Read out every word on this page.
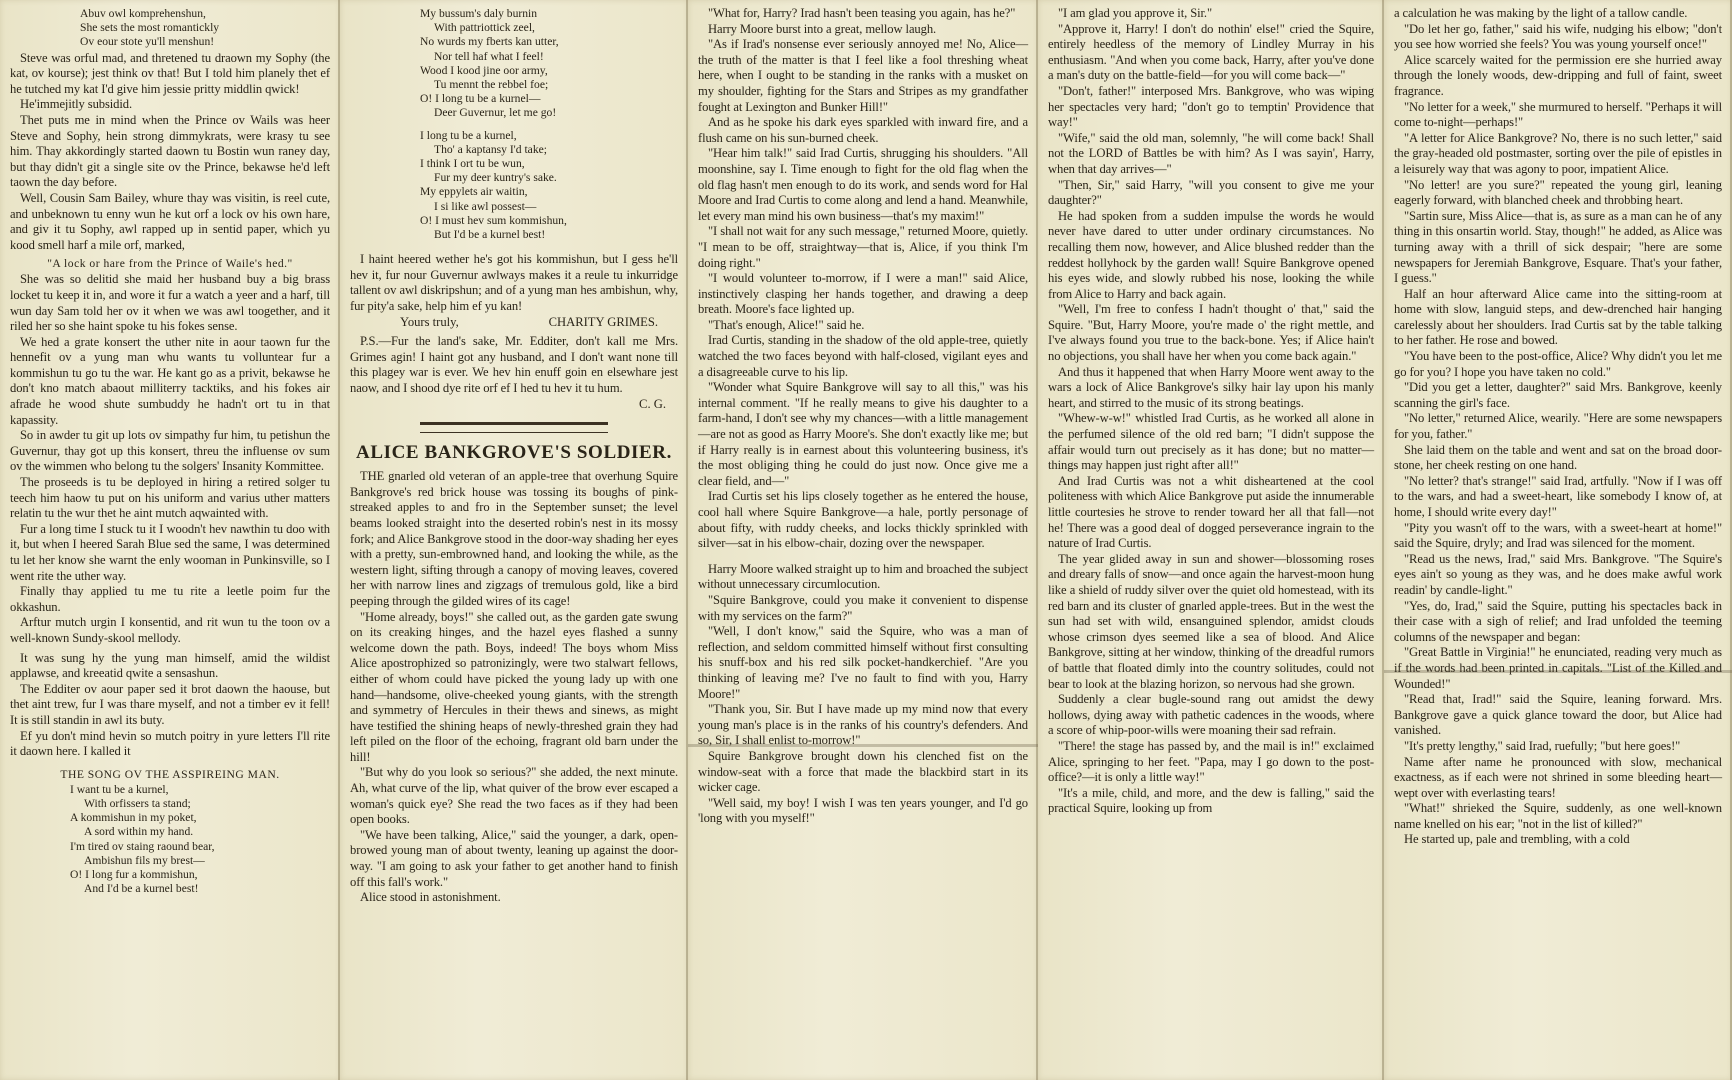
Abuv owl komprehenshun,
She sets the most romantickly
Ov eour stote yu'll menshun!

Steve was orful mad, and thretened tu draown my Sophy (the kat, ov kourse); jest think ov that! But I told him planely thet ef he tutched my kat I'd give him jessie pritty middlin qwick!

He'immejitly subsidid.

Thet puts me in mind when the Prince ov Wails was heer Steve and Sophy, hein strong dimmykrats, were krasy tu see him. Thay akkordingly started daown tu Bostin wun raney day, but thay didn't git a single site ov the Prince, bekawse he'd left taown the day before.

Well, Cousin Sam Bailey, whure thay was visitin, is reel cute, and unbeknown tu enny wun he kut orf a lock ov his own hare, and giv it tu Sophy, awl rapped up in sentid paper, which yu kood smell harf a mile orf, marked,

"A lock or hare from the Prince of Waile's hed."

She was so delitid she maid her husband buy a big brass locket tu keep it in, and wore it fur a watch a yeer and a harf, till wun day Sam told her ov it when we was awl toogether, and it riled her so she haint spoke tu his fokes sense.

We hed a grate konsert the uther nite in aour taown fur the hennefit ov a yung man whu wants tu volluntear fur a kommishun tu go tu the war. He kant go as a privit, bekawse he don't kno match abaout milliterry tacktiks, and his fokes air afrade he wood shute sumbuddy he hadn't ort tu in that kapassity.

So in awder tu git up lots ov simpathy fur him, tu petishun the Guvernur, thay got up this konsert, threu the influense ov sum ov the wimmen who belong tu the solgers' Insanity Kommittee.

The proseeds is tu be deployed in hiring a retired solger tu teech him haow tu put on his uniform and varius uther matters relatin tu the wur thet he aint mutch aqwainted with.

Fur a long time I stuck tu it I woodn't hev nawthin tu doo with it, but when I heered Sarah Blue sed the same, I was determined tu let her know she warnt the enly wooman in Punkinsville, so I went rite the uther way.

Finally thay applied tu me tu rite a leetle poim fur the okkashun.

Arftur mutch urgin I konsentid, and rit wun tu the toon ov a well-known Sundy-skool mellody.

It was sung hy the yung man himself, amid the wildist applawse, and kreeatid qwite a sensashun.

The Edditer ov aour paper sed it brot daown the haouse, but thet aint trew, fur I was thare myself, and not a timber ev it fell! It is still standin in awl its buty.

Ef yu don't mind hevin so mutch poitry in yure letters I'll rite it daown here. I kalled it

THE SONG OV THE ASSPIREING MAN.
I want tu be a kurnel,
With orfissers ta stand;
A kommishun in my poket,
A sord within my hand.
I'm tired ov staing raound bear,
Ambishun fils my brest—
O! I long fur a kommishun,
And I'd be a kurnel best!
My bussum's daly burnin
With pattriottick zeel,
No wurds my fberts kan utter,
Nor tell haf what I feel!
Wood I kood jine oor army,
Tu mennt the rebbel foe;
O! I long tu be a kurnel—
Deer Guvernur, let me go!
I long tu be a kurnel,
Tho' a kaptansy I'd take;
I think I ort tu be wun,
Fur my deer kuntry's sake.
My eppylets air waitin,
I si like awl possest—
O! I must hev sum kommishun,
But I'd be a kurnel best!

I haint heered wether he's got his kommishun, but I gess he'll hev it, fur nour Guvernur awlways makes it a reule tu inkurridge tallent ov awl diskripshun; and of a yung man hes ambishun, why, fur pity'a sake, help him ef yu kan!

Yours truly,	CHARITY GRIMES.

P.S.—Fur the land's sake, Mr. Edditer, don't kall me Mrs. Grimes agin! I haint got any husband, and I don't want none till this plagey war is ever. We hev hin enuff goin en elsewhare jest naow, and I shood dye rite orf ef I hed tu hev it tu hum.

C. G.
ALICE BANKGROVE'S SOLDIER.

THE gnarled old veteran of an apple-tree that overhung Squire Bankgrove's red brick house was tossing its boughs of pink-streaked apples to and fro in the September sunset; the level beams looked straight into the deserted robin's nest in its mossy fork; and Alice Bankgrove stood in the door-way shading her eyes with a pretty, sun-embrowned hand, and looking the while, as the western light, sifting through a canopy of moving leaves, covered her with narrow lines and zigzags of tremulous gold, like a bird peeping through the gilded wires of its cage!

"Home already, boys!" she called out, as the garden gate swung on its creaking hinges, and the hazel eyes flashed a sunny welcome down the path. Boys, indeed! The boys whom Miss Alice apostrophized so patronizingly, were two stalwart fellows, either of whom could have picked the young lady up with one hand—handsome, olive-cheeked young giants, with the strength and symmetry of Hercules in their thews and sinews, as might have testified the shining heaps of newly-threshed grain they had left piled on the floor of the echoing, fragrant old barn under the hill!

"But why do you look so serious?" she added, the next minute. Ah, what curve of the lip, what quiver of the brow ever escaped a woman's quick eye? She read the two faces as if they had been open books.

"We have been talking, Alice," said the younger, a dark, open-browed young man of about twenty, leaning up against the door-way. "I am going to ask your father to get another hand to finish off this fall's work."

Alice stood in astonishment.

"What for, Harry? Irad hasn't been teasing you again, has he?"

Harry Moore burst into a great, mellow laugh.

"As if Irad's nonsense ever seriously annoyed me! No, Alice—the truth of the matter is that I feel like a fool threshing wheat here, when I ought to be standing in the ranks with a musket on my shoulder, fighting for the Stars and Stripes as my grandfather fought at Lexington and Bunker Hill!"

And as he spoke his dark eyes sparkled with inward fire, and a flush came on his sun-burned cheek.

"Hear him talk!" said Irad Curtis, shrugging his shoulders. "All moonshine, say I. Time enough to fight for the old flag when the old flag hasn't men enough to do its work, and sends word for Hal Moore and Irad Curtis to come along and lend a hand. Meanwhile, let every man mind his own business—that's my maxim!"

"I shall not wait for any such message," returned Moore, quietly. "I mean to be off, straightway—that is, Alice, if you think I'm doing right."

"I would volunteer to-morrow, if I were a man!" said Alice, instinctively clasping her hands together, and drawing a deep breath. Moore's face lighted up.

"That's enough, Alice!" said he.

Irad Curtis, standing in the shadow of the old apple-tree, quietly watched the two faces beyond with half-closed, vigilant eyes and a disagreeable curve to his lip.

"Wonder what Squire Bankgrove will say to all this," was his internal comment. "If he really means to give his daughter to a farm-hand, I don't see why my chances—with a little management—are not as good as Harry Moore's. She don't exactly like me; but if Harry really is in earnest about this volunteering business, it's the most obliging thing he could do just now. Once give me a clear field, and—"

Irad Curtis set his lips closely together as he entered the house, cool hall where Squire Bankgrove—a hale, portly personage of about fifty, with ruddy cheeks, and locks thickly sprinkled with silver—sat in his elbow-chair, dozing over the newspaper.

Harry Moore walked straight up to him and broached the subject without unnecessary circumlocution.

"Squire Bankgrove, could you make it convenient to dispense with my services on the farm?"

"Well, I don't know," said the Squire, who was a man of reflection, and seldom committed himself without first consulting his snuff-box and his red silk pocket-handkerchief. "Are you thinking of leaving me? I've no fault to find with you, Harry Moore!"

"Thank you, Sir. But I have made up my mind now that every young man's place is in the ranks of his country's defenders. And so, Sir, I shall enlist to-morrow!"

Squire Bankgrove brought down his clenched fist on the window-seat with a force that made the blackbird start in its wicker cage.

"Well said, my boy! I wish I was ten years younger, and I'd go 'long with you myself!"

"I am glad you approve it, Sir."

"Approve it, Harry! I don't do nothin' else!" cried the Squire, entirely heedless of the memory of Lindley Murray in his enthusiasm. "And when you come back, Harry, after you've done a man's duty on the battle-field—for you will come back—"

"Don't, father!" interposed Mrs. Bankgrove, who was wiping her spectacles very hard; "don't go to temptin' Providence that way!"

"Wife," said the old man, solemnly, "he will come back! Shall not the LORD of Battles be with him? As I was sayin', Harry, when that day arrives—"

"Then, Sir," said Harry, "will you consent to give me your daughter?"

He had spoken from a sudden impulse the words he would never have dared to utter under ordinary circumstances. No recalling them now, however, and Alice blushed redder than the reddest hollyhock by the garden wall! Squire Bankgrove opened his eyes wide, and slowly rubbed his nose, looking the while from Alice to Harry and back again.

"Well, I'm free to confess I hadn't thought o' that," said the Squire. "But, Harry Moore, you're made o' the right mettle, and I've always found you true to the back-bone. Yes; if Alice hain't no objections, you shall have her when you come back again."

And thus it happened that when Harry Moore went away to the wars a lock of Alice Bankgrove's silky hair lay upon his manly heart, and stirred to the music of its strong beatings.

"Whew-w-w!" whistled Irad Curtis, as he worked all alone in the perfumed silence of the old red barn; "I didn't suppose the affair would turn out precisely as it has done; but no matter—things may happen just right after all!"

And Irad Curtis was not a whit disheartened at the cool politeness with which Alice Bankgrove put aside the innumerable little courtesies he strove to render toward her all that fall—not he! There was a good deal of dogged perseverance ingrain to the nature of Irad Curtis.

The year glided away in sun and shower—blossoming roses and dreary falls of snow—and once again the harvest-moon hung like a shield of ruddy silver over the quiet old homestead, with its red barn and its cluster of gnarled apple-trees. But in the west the sun had set with wild, ensanguined splendor, amidst clouds whose crimson dyes seemed like a sea of blood. And Alice Bankgrove, sitting at her window, thinking of the dreadful rumors of battle that floated dimly into the country solitudes, could not bear to look at the blazing horizon, so nervous had she grown.

Suddenly a clear bugle-sound rang out amidst the dewy hollows, dying away with pathetic cadences in the woods, where a score of whip-poor-wills were moaning their sad refrain.

"There! the stage has passed by, and the mail is in!" exclaimed Alice, springing to her feet. "Papa, may I go down to the post-office?—it is only a little way!"

"It's a mile, child, and more, and the dew is falling," said the practical Squire, looking up from

a calculation he was making by the light of a tallow candle.

"Do let her go, father," said his wife, nudging his elbow; "don't you see how worried she feels? You was young yourself once!"

Alice scarcely waited for the permission ere she hurried away through the lonely woods, dew-dripping and full of faint, sweet fragrance.

"No letter for a week," she murmured to herself. "Perhaps it will come to-night—perhaps!"

"A letter for Alice Bankgrove? No, there is no such letter," said the gray-headed old postmaster, sorting over the pile of epistles in a leisurely way that was agony to poor, impatient Alice.

"No letter! are you sure?" repeated the young girl, leaning eagerly forward, with blanched cheek and throbbing heart.

"Sartin sure, Miss Alice—that is, as sure as a man can he of any thing in this onsartin world. Stay, though!" he added, as Alice was turning away with a thrill of sick despair; "here are some newspapers for Jeremiah Bankgrove, Esquare. That's your father, I guess."

Half an hour afterward Alice came into the sitting-room at home with slow, languid steps, and dew-drenched hair hanging carelessly about her shoulders. Irad Curtis sat by the table talking to her father. He rose and bowed.

"You have been to the post-office, Alice? Why didn't you let me go for you? I hope you have taken no cold."

"Did you get a letter, daughter?" said Mrs. Bankgrove, keenly scanning the girl's face.

"No letter," returned Alice, wearily. "Here are some newspapers for you, father."

She laid them on the table and went and sat on the broad door-stone, her cheek resting on one hand.

"No letter? that's strange!" said Irad, artfully. "Now if I was off to the wars, and had a sweet-heart, like somebody I know of, at home, I should write every day!"

"Pity you wasn't off to the wars, with a sweet-heart at home!" said the Squire, dryly; and Irad was silenced for the moment.

"Read us the news, Irad," said Mrs. Bankgrove. "The Squire's eyes ain't so young as they was, and he does make awful work readin' by candle-light."

"Yes, do, Irad," said the Squire, putting his spectacles back in their case with a sigh of relief; and Irad unfolded the teeming columns of the newspaper and began:

"Great Battle in Virginia!" he enunciated, reading very much as if the words had been printed in capitals. "List of the Killed and Wounded!"

"Read that, Irad!" said the Squire, leaning forward. Mrs. Bankgrove gave a quick glance toward the door, but Alice had vanished.

"It's pretty lengthy," said Irad, ruefully; "but here goes!"

Name after name he pronounced with slow, mechanical exactness, as if each were not shrined in some bleeding heart—wept over with everlasting tears!

"What!" shrieked the Squire, suddenly, as one well-known name knelled on his ear; "not in the list of killed?"

He started up, pale and trembling, with a cold
